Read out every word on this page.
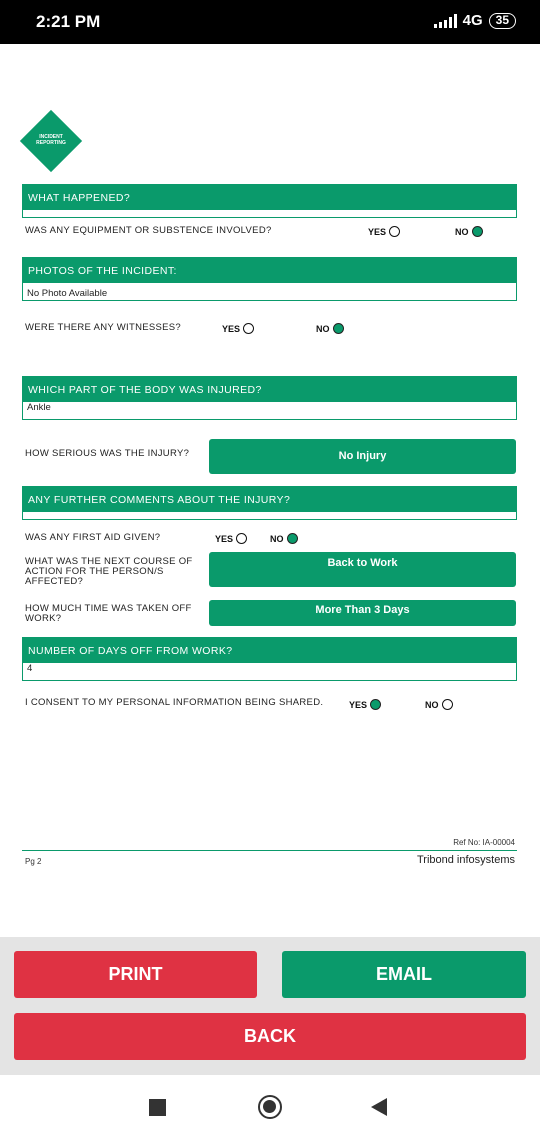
2:21 PM	4G	35
INCIDENT
REPORTING
WHAT HAPPENED?
WAS ANY EQUIPMENT OR SUBSTENCE INVOLVED?	YES	NO
PHOTOS OF THE INCIDENT:
No Photo Available
WERE THERE ANY WITNESSES?	YES	NO
WHICH PART OF THE BODY WAS INJURED?
Ankle
HOW SERIOUS WAS THE INJURY?	No Injury
ANY FURTHER COMMENTS ABOUT THE INJURY?
WAS ANY FIRST AID GIVEN?	YES	NO
WHAT WAS THE NEXT COURSE OF
ACTION FOR THE PERSON/S
AFFECTED?
Back to Work
HOW MUCH TIME WAS TAKEN OFF
WORK?
More Than 3 Days
NUMBER OF DAYS OFF FROM WORK?
4
I CONSENT TO MY PERSONAL INFORMATION BEING SHARED.	YES	NO
Ref No: IA-00004
Pg 2	Tribond infosystems
PRINT	EMAIL
BACK
